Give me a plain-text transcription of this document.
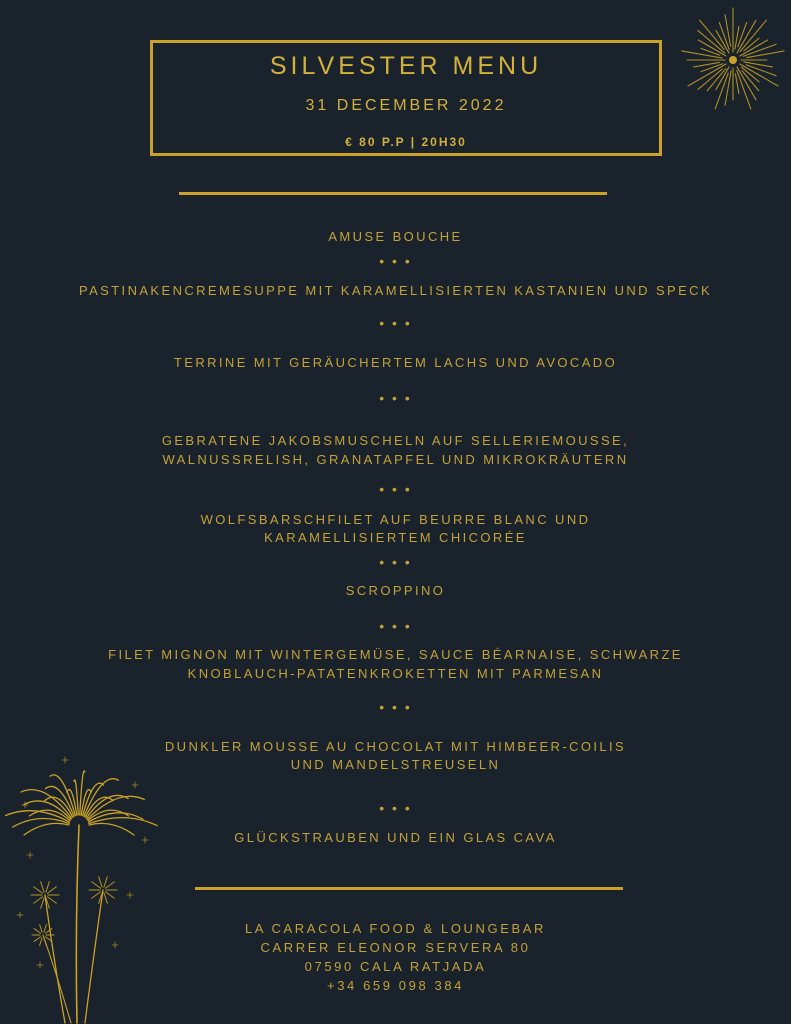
SILVESTER MENU
31 DECEMBER 2022
€ 80 P.P | 20H30
AMUSE BOUCHE
• • •
PASTINAKENCREMESUPPE MIT KARAMELLISIERTEN KASTANIEN UND SPECK
• • •
TERRINE MIT GERÄUCHERTEM LACHS UND AVOCADO
• • •
GEBRATENE JAKOBSMUSCHELN AUF SELLERIEMOUSSE,
WALNUSSRELISH, GRANATAPFEL UND MIKROKRÄUTERN
• • •
WOLFSBARSCHFILET AUF BEURRE BLANC UND
KARAMELLISIERTEM CHICORÉE
• • •
SCROPPINO
• • •
FILET MIGNON MIT WINTERGEMÜSE, SAUCE BÉARNAISE, SCHWARZE
KNOBLAUCH-PATATENKROKETTEN MIT PARMESAN
• • •
DUNKLER MOUSSE AU CHOCOLAT MIT HIMBEER-COILIS
UND MANDELSTREUSELN
• • •
GLÜCKSTRAUBEN UND EIN GLAS CAVA
LA CARACOLA FOOD & LOUNGEBAR
CARRER ELEONOR SERVERA 80
07590 CALA RATJADA
+34 659 098 384
